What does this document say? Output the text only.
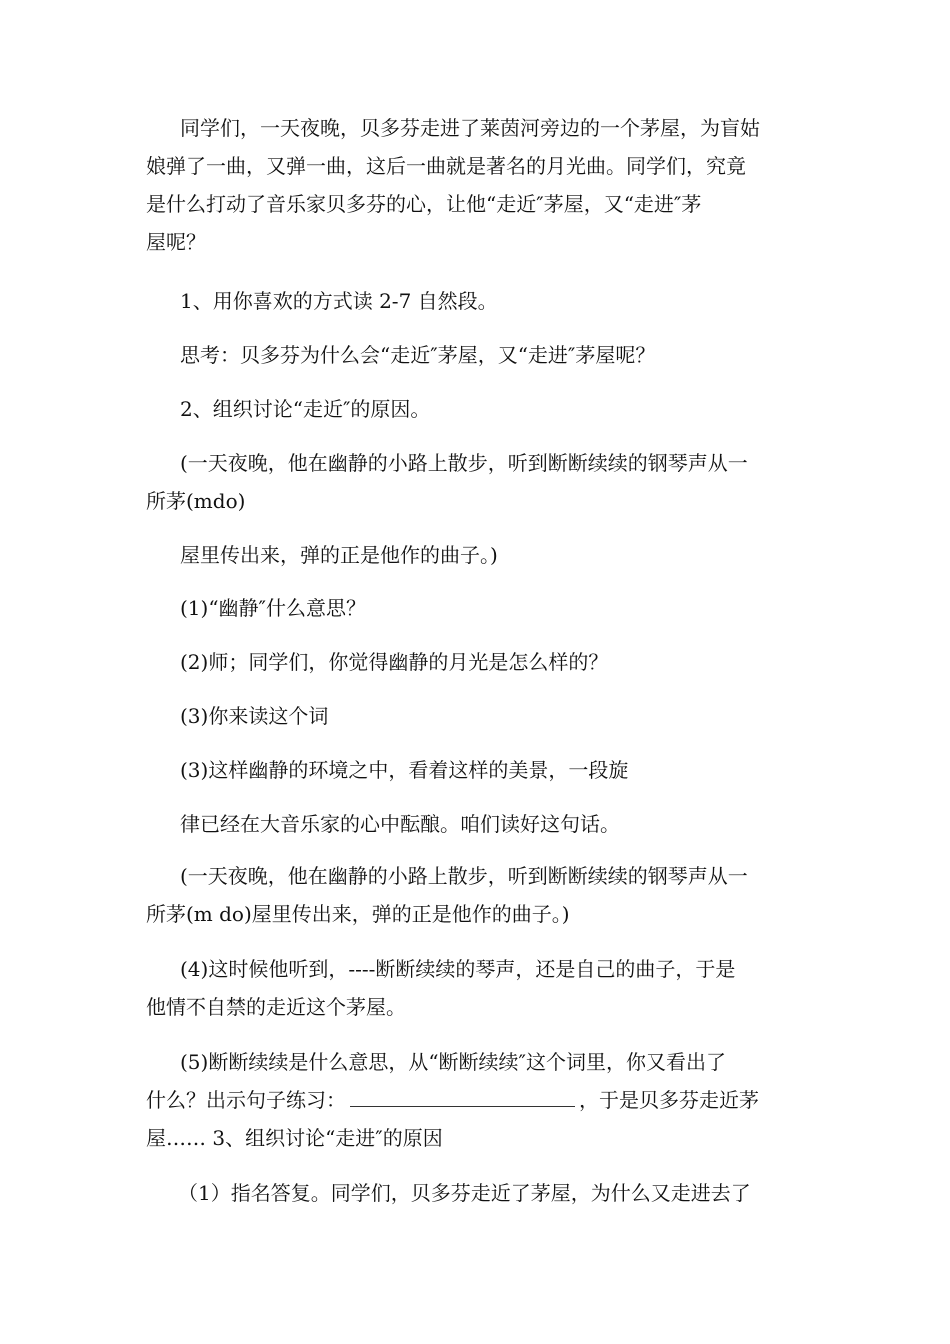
同学们，一天夜晚，贝多芬走进了莱茵河旁边的一个茅屋，为盲姑
娘弹了一曲，又弹一曲，这后一曲就是著名的月光曲。同学们，究竟
是什么打动了音乐家贝多芬的心，让他“走近″茅屋，又“走进″茅
屋呢？
1、用你喜欢的方式读 2-7 自然段。
思考：贝多芬为什么会“走近″茅屋，又“走进″茅屋呢？
2、组织讨论“走近″的原因。
(一天夜晚，他在幽静的小路上散步，听到断断续续的钢琴声从一
所茅(mdo)
屋里传出来，弹的正是他作的曲子。)
(1)“幽静″什么意思？
(2)师；同学们，你觉得幽静的月光是怎么样的？
(3)你来读这个词
(3)这样幽静的环境之中，看着这样的美景，一段旋
律已经在大音乐家的心中酝酿。咱们读好这句话。
(一天夜晚，他在幽静的小路上散步，听到断断续续的钢琴声从一
所茅(m do)屋里传出来，弹的正是他作的曲子。)
(4)这时候他听到，----断断续续的琴声，还是自己的曲子，于是
他情不自禁的走近这个茅屋。
(5)断断续续是什么意思，从“断断续续″这个词里，你又看出了
什么？出示句子练习：	，于是贝多芬走近茅
屋…… 3、组织讨论“走进″的原因
（1）指名答复。同学们，贝多芬走近了茅屋，为什么又走进去了
